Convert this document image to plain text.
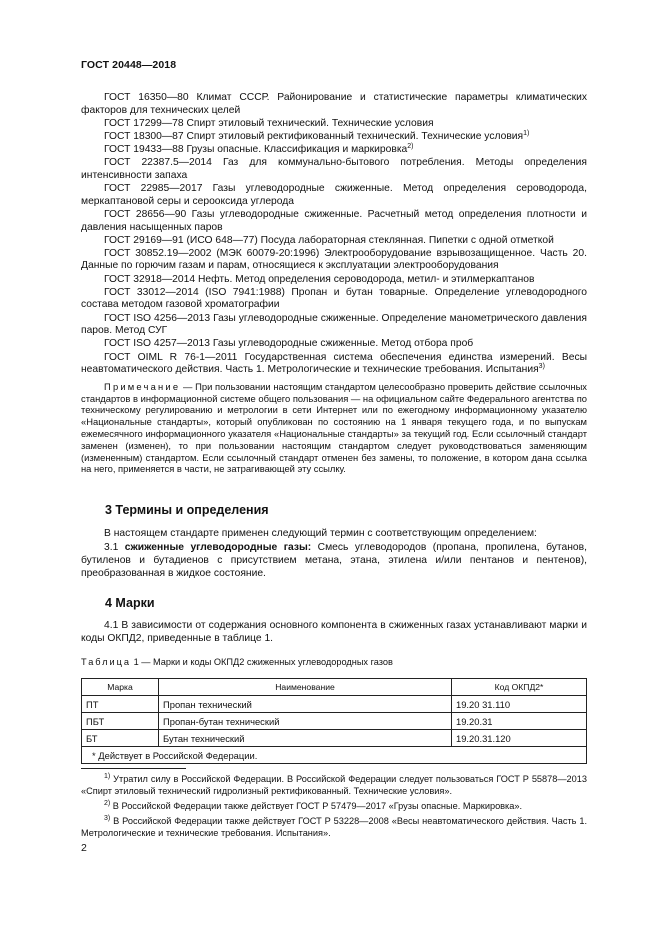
ГОСТ 20448—2018

ГОСТ 16350—80 Климат СССР. Районирование и статистические параметры климатических факторов для технических целей

ГОСТ 17299—78 Спирт этиловый технический. Технические условия

ГОСТ 18300—87 Спирт этиловый ректификованный технический. Технические условия$^{1)}$

ГОСТ 19433—88 Грузы опасные. Классификация и маркировка$^{2)}$

ГОСТ 22387.5—2014 Газ для коммунально-бытового потребления. Методы определения интенсивности запаха

ГОСТ 22985—2017 Газы углеводородные сжиженные. Метод определения сероводорода, меркаптановой серы и серооксида углерода

ГОСТ 28656—90 Газы углеводородные сжиженные. Расчетный метод определения плотности и давления насыщенных паров

ГОСТ 29169—91 (ИСО 648—77) Посуда лабораторная стеклянная. Пипетки с одной отметкой

ГОСТ 30852.19—2002 (МЭК 60079-20:1996) Электрооборудование взрывозащищенное. Часть 20. Данные по горючим газам и парам, относящиеся к эксплуатации электрооборудования

ГОСТ 32918—2014 Нефть. Метод определения сероводорода, метил- и этилмеркаптанов

ГОСТ 33012—2014 (ISO 7941:1988) Пропан и бутан товарные. Определение углеводородного состава методом газовой хроматографии

ГОСТ ISO 4256—2013 Газы углеводородные сжиженные. Определение манометрического давления паров. Метод СУГ

ГОСТ ISO 4257—2013 Газы углеводородные сжиженные. Метод отбора проб

ГОСТ OIML R 76-1—2011 Государственная система обеспечения единства измерений. Весы неавтоматического действия. Часть 1. Метрологические и технические требования. Испытания$^{3)}$

Примечание — При пользовании настоящим стандартом целесообразно проверить действие ссылочных стандартов в информационной системе общего пользования — на официальном сайте Федерального агентства по техническому регулированию и метрологии в сети Интернет или по ежегодному информационному указателю «Национальные стандарты», который опубликован по состоянию на 1 января текущего года, и по выпускам ежемесячного информационного указателя «Национальные стандарты» за текущий год. Если ссылочный стандарт заменен (изменен), то при пользовании настоящим стандартом следует руководствоваться заменяющим (измененным) стандартом. Если ссылочный стандарт отменен без замены, то положение, в котором дана ссылка на него, применяется в части, не затрагивающей эту ссылку.

3 Термины и определения

В настоящем стандарте применен следующий термин с соответствующим определением:

3.1 сжиженные углеводородные газы: Смесь углеводородов (пропана, пропилена, бутанов, бутиленов и бутадиенов с присутствием метана, этана, этилена и/или пентанов и пентенов), преобразованная в жидкое состояние.

4 Марки

4.1 В зависимости от содержания основного компонента в сжиженных газах устанавливают марки и коды ОКПД2, приведенные в таблице 1.

Таблица 1 — Марки и коды ОКПД2 сжиженных углеводородных газов
Марка	Наименование	Код ОКПД2*
ПТ	Пропан технический	19.20 31.110
ПБТ	Пропан-бутан технический	19.20.31
БТ	Бутан технический	19.20.31.120
* Действует в Российской Федерации.		

$^{1)}$ Утратил силу в Российской Федерации. В Российской Федерации следует пользоваться ГОСТ Р 55878—2013 «Спирт этиловый технический гидролизный ректификованный. Технические условия».

$^{2)}$ В Российской Федерации также действует ГОСТ Р 57479—2017 «Грузы опасные. Маркировка».

$^{3)}$ В Российской Федерации также действует ГОСТ Р 53228—2008 «Весы неавтоматического действия. Часть 1. Метрологические и технические требования. Испытания».

2
